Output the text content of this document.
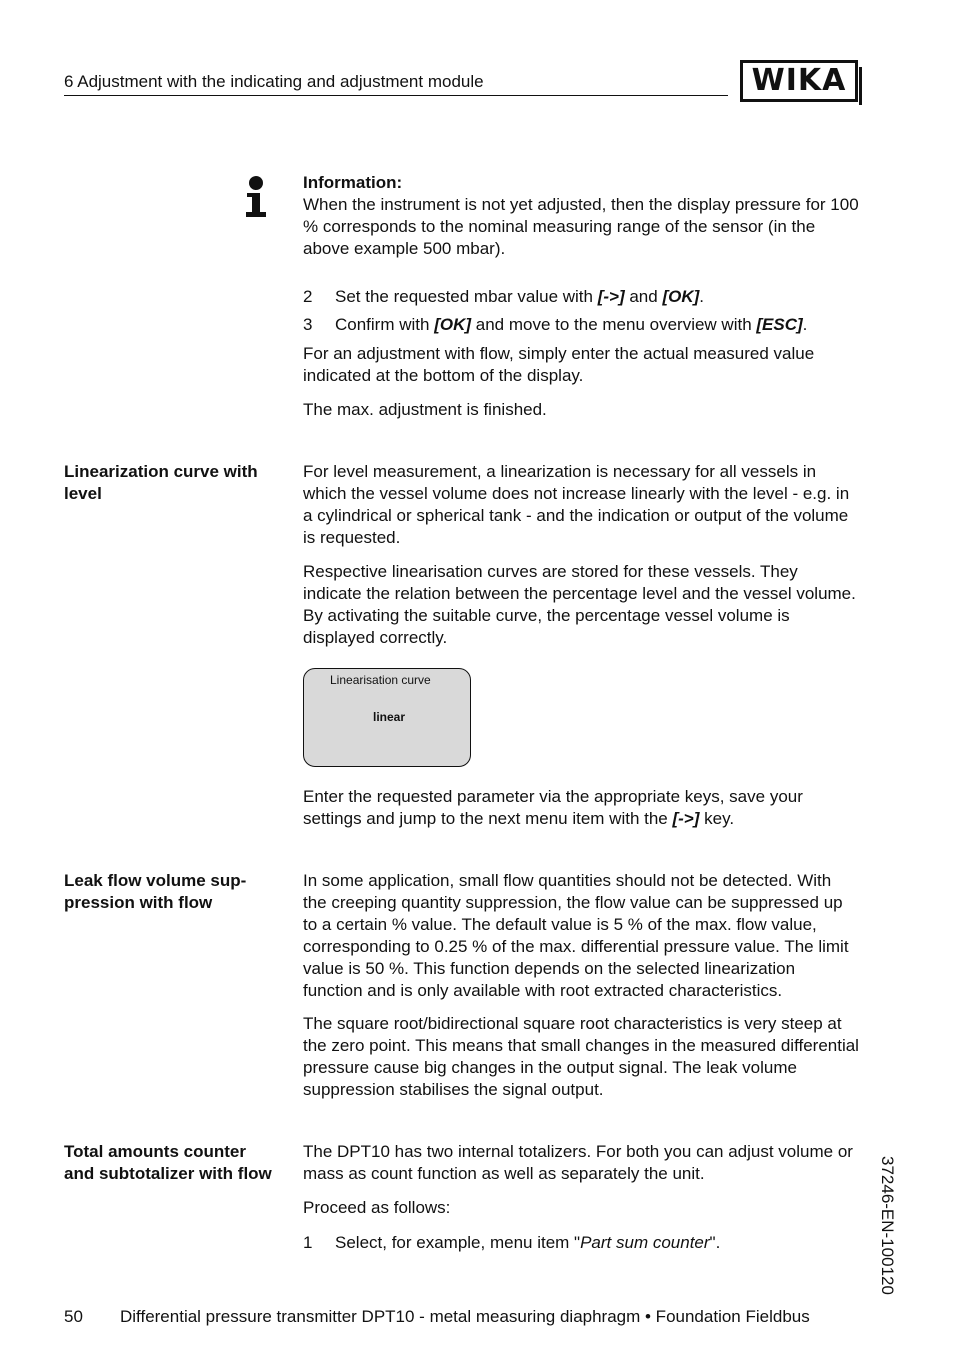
6 Adjustment with the indicating and adjustment module	WIKA
Information:
When the instrument is not yet adjusted, then the display pressure for 100 % corresponds to the nominal measuring range of the sensor (in the above example 500 mbar).
2 Set the requested mbar value with [->] and [OK].
3 Confirm with [OK] and move to the menu overview with [ESC].
For an adjustment with flow, simply enter the actual measured value indicated at the bottom of the display.
The max. adjustment is finished.
Linearization curve with level
For level measurement, a linearization is necessary for all vessels in which the vessel volume does not increase linearly with the level - e.g. in a cylindrical or spherical tank - and the indication or output of the volume is requested.
Respective linearisation curves are stored for these vessels. They indicate the relation between the percentage level and the vessel volume. By activating the suitable curve, the percentage vessel volume is displayed correctly.
Linearisation curve
linear
Enter the requested parameter via the appropriate keys, save your settings and jump to the next menu item with the [->] key.
Leak flow volume sup-pression with flow
In some application, small flow quantities should not be detected. With the creeping quantity suppression, the flow value can be suppressed up to a certain % value. The default value is 5 % of the max. flow value, corresponding to 0.25 % of the max. differential pressure value. The limit value is 50 %. This function depends on the selected linearization function and is only available with root extracted characteristics.
The square root/bidirectional square root characteristics is very steep at the zero point. This means that small changes in the measured differential pressure cause big changes in the output signal. The leak volume suppression stabilises the signal output.
Total amounts counter and subtotalizer with flow
The DPT10 has two internal totalizers. For both you can adjust volume or mass as count function as well as separately the unit.
Proceed as follows:
1 Select, for example, menu item "Part sum counter".	37246-EN-100120
50 Differential pressure transmitter DPT10 - metal measuring diaphragm • Foundation Fieldbus
